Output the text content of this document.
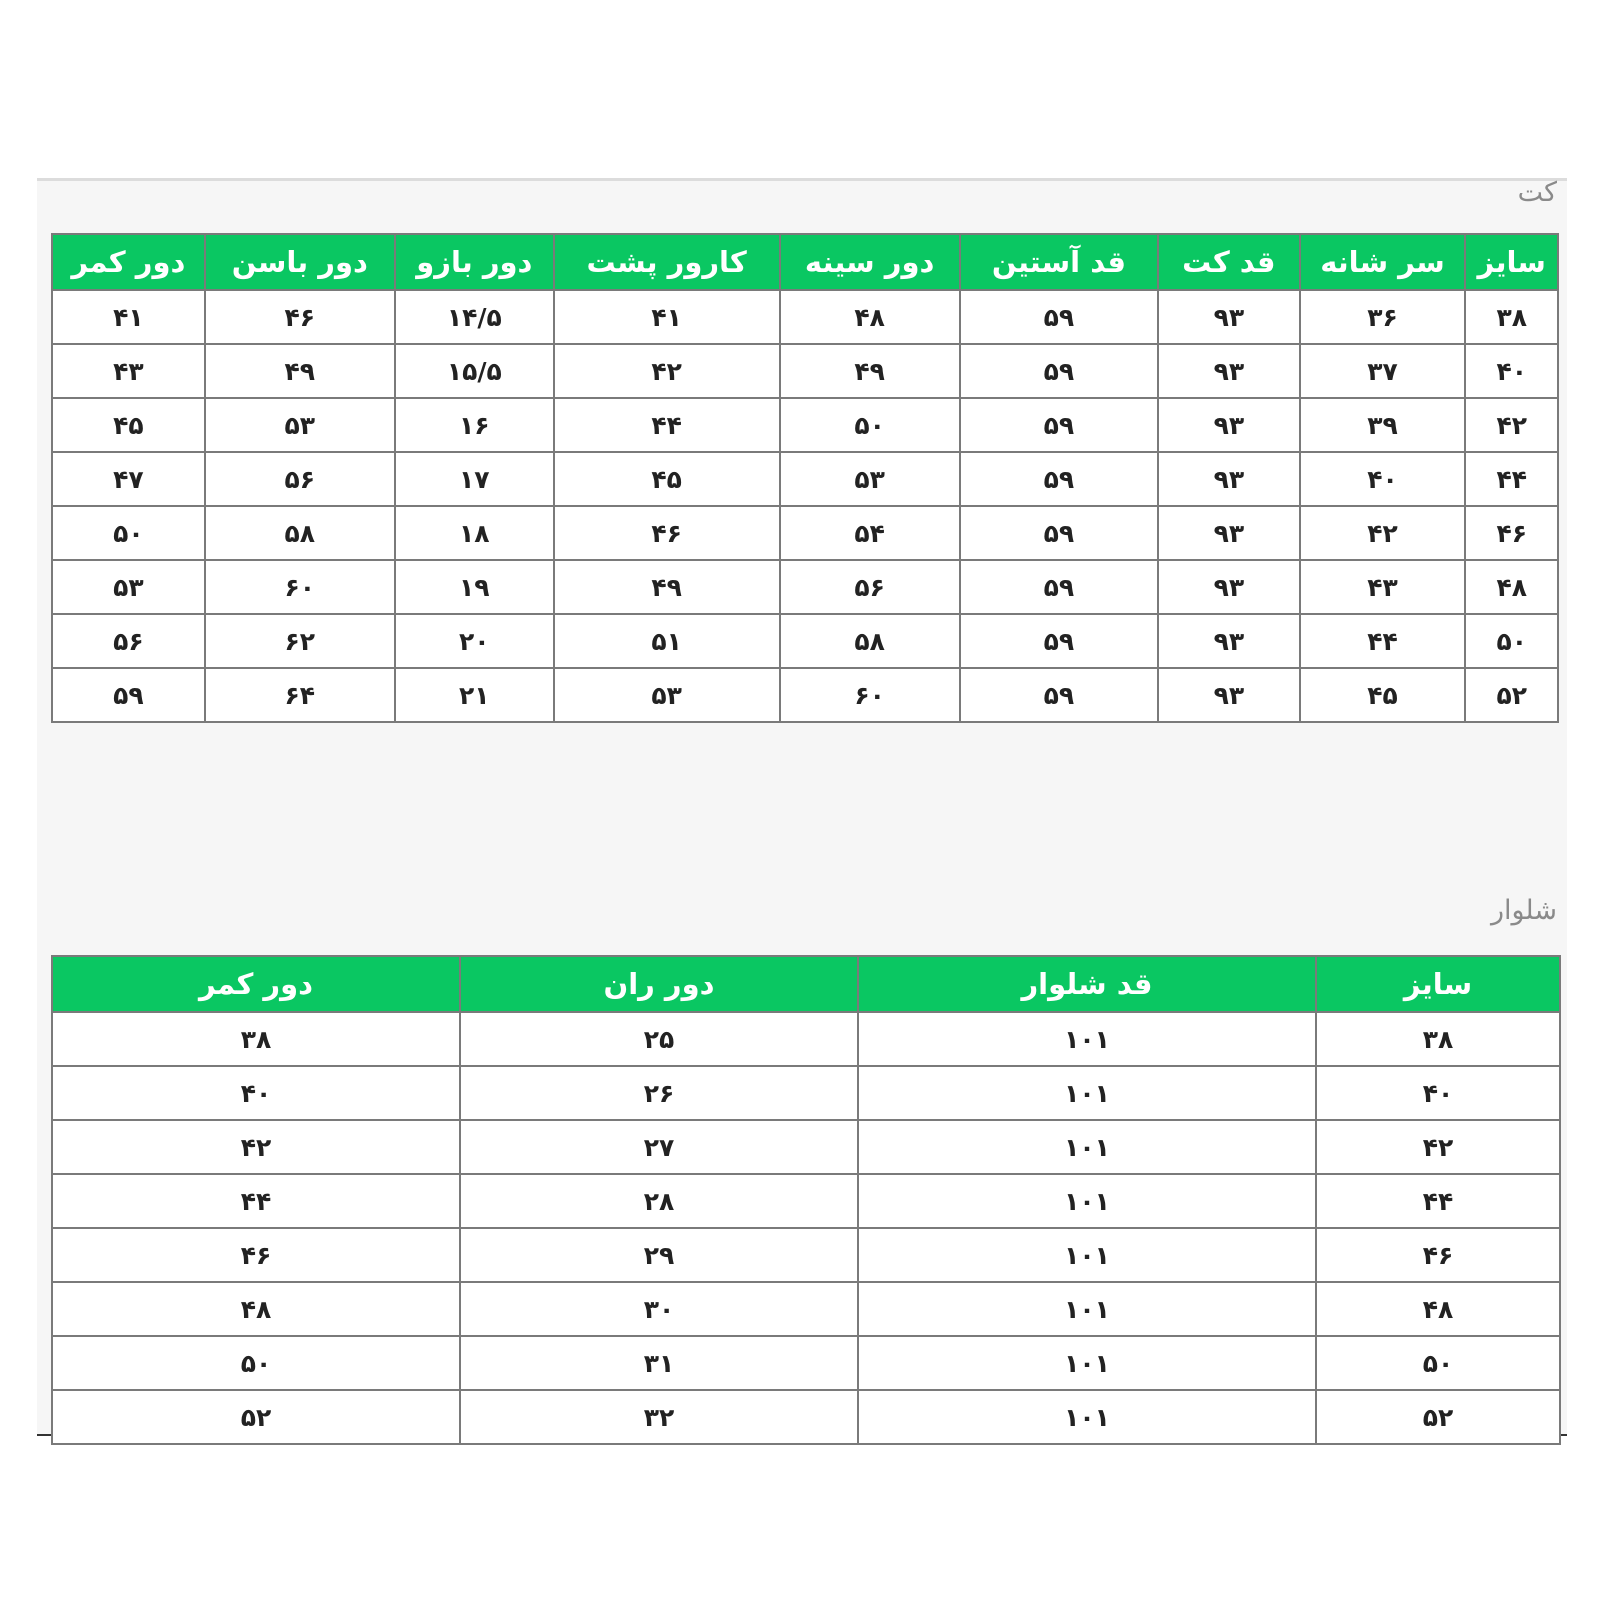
کت
سایز	سر شانه	قد کت	قد آستین	دور سینه	کارور پشت	دور بازو	دور باسن	دور کمر
۳۸	۳۶	۹۳	۵۹	۴۸	۴۱	۱۴/۵	۴۶	۴۱
۴۰	۳۷	۹۳	۵۹	۴۹	۴۲	۱۵/۵	۴۹	۴۳
۴۲	۳۹	۹۳	۵۹	۵۰	۴۴	۱۶	۵۳	۴۵
۴۴	۴۰	۹۳	۵۹	۵۳	۴۵	۱۷	۵۶	۴۷
۴۶	۴۲	۹۳	۵۹	۵۴	۴۶	۱۸	۵۸	۵۰
۴۸	۴۳	۹۳	۵۹	۵۶	۴۹	۱۹	۶۰	۵۳
۵۰	۴۴	۹۳	۵۹	۵۸	۵۱	۲۰	۶۲	۵۶
۵۲	۴۵	۹۳	۵۹	۶۰	۵۳	۲۱	۶۴	۵۹
شلوار
سایز	قد شلوار	دور ران	دور کمر
۳۸	۱۰۱	۲۵	۳۸
۴۰	۱۰۱	۲۶	۴۰
۴۲	۱۰۱	۲۷	۴۲
۴۴	۱۰۱	۲۸	۴۴
۴۶	۱۰۱	۲۹	۴۶
۴۸	۱۰۱	۳۰	۴۸
۵۰	۱۰۱	۳۱	۵۰
۵۲	۱۰۱	۳۲	۵۲
